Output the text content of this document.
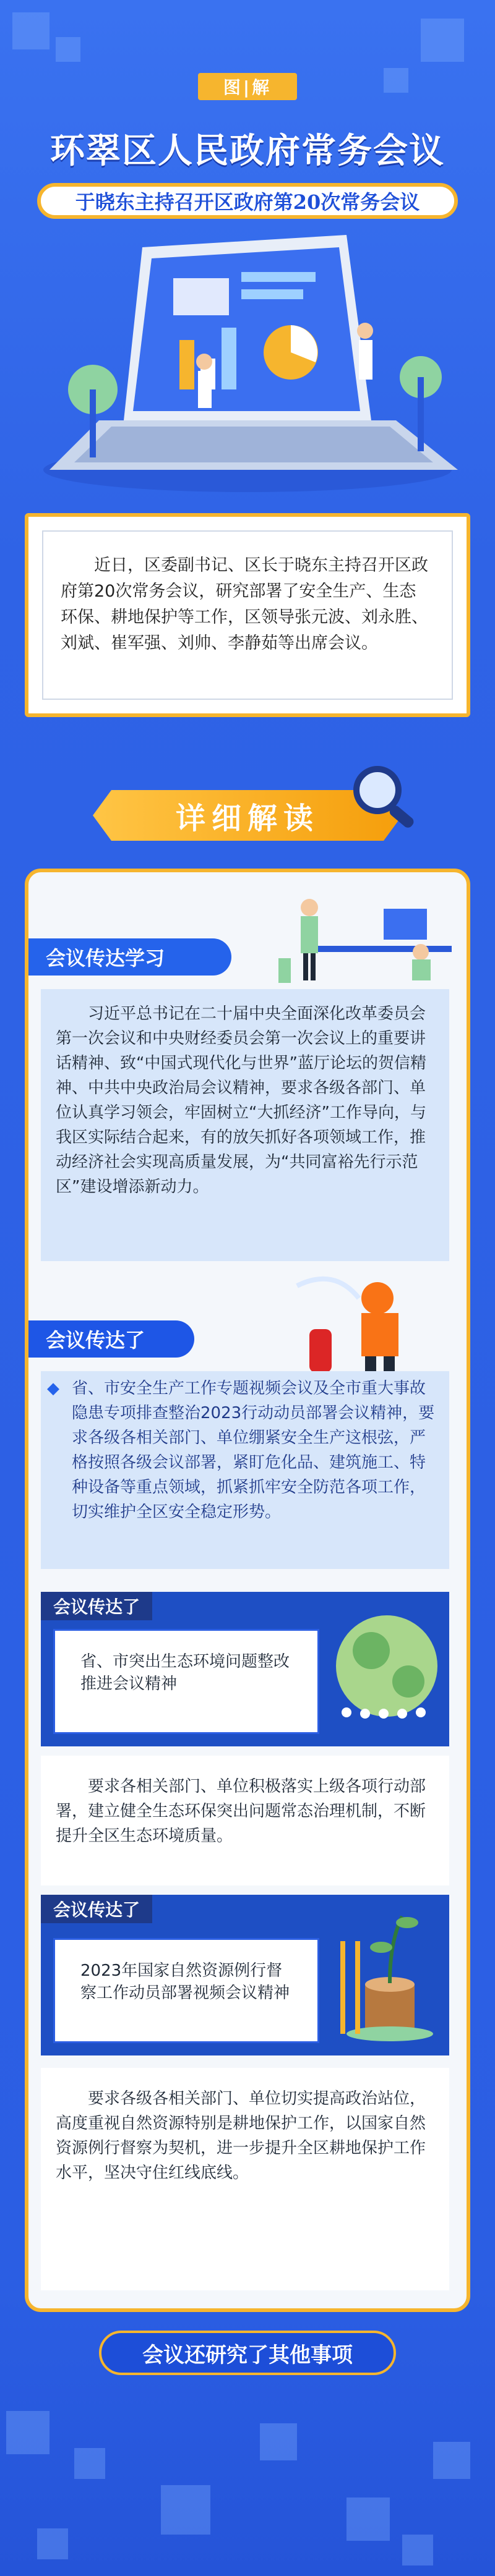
图|解
环翠区人民政府常务会议
于晓东主持召开区政府第20次常务会议
近日，区委副书记、区长于晓东主持召开区政府第20次常务会议，研究部署了安全生产、生态环保、耕地保护等工作，区领导张元波、刘永胜、刘斌、崔军强、刘帅、李静茹等出席会议。
详细解读
会议传达学习
习近平总书记在二十届中央全面深化改革委员会第一次会议和中央财经委员会第一次会议上的重要讲话精神、致“中国式现代化与世界”蓝厅论坛的贺信精神、中共中央政治局会议精神，要求各级各部门、单位认真学习领会，牢固树立“大抓经济”工作导向，与我区实际结合起来，有的放矢抓好各项领域工作，推动经济社会实现高质量发展，为“共同富裕先行示范区”建设增添新动力。
会议传达了
◆ 省、市安全生产工作专题视频会议及全市重大事故隐患专项排查整治2023行动动员部署会议精神，要求各级各相关部门、单位绷紧安全生产这根弦，严格按照各级会议部署，紧盯危化品、建筑施工、特种设备等重点领域，抓紧抓牢安全防范各项工作，切实维护全区安全稳定形势。
会议传达了
省、市突出生态环境问题整改推进会议精神
要求各相关部门、单位积极落实上级各项行动部署，建立健全生态环保突出问题常态治理机制，不断提升全区生态环境质量。
会议传达了
2023年国家自然资源例行督察工作动员部署视频会议精神
要求各级各相关部门、单位切实提高政治站位，高度重视自然资源特别是耕地保护工作，以国家自然资源例行督察为契机，进一步提升全区耕地保护工作水平，坚决守住红线底线。
会议还研究了其他事项
